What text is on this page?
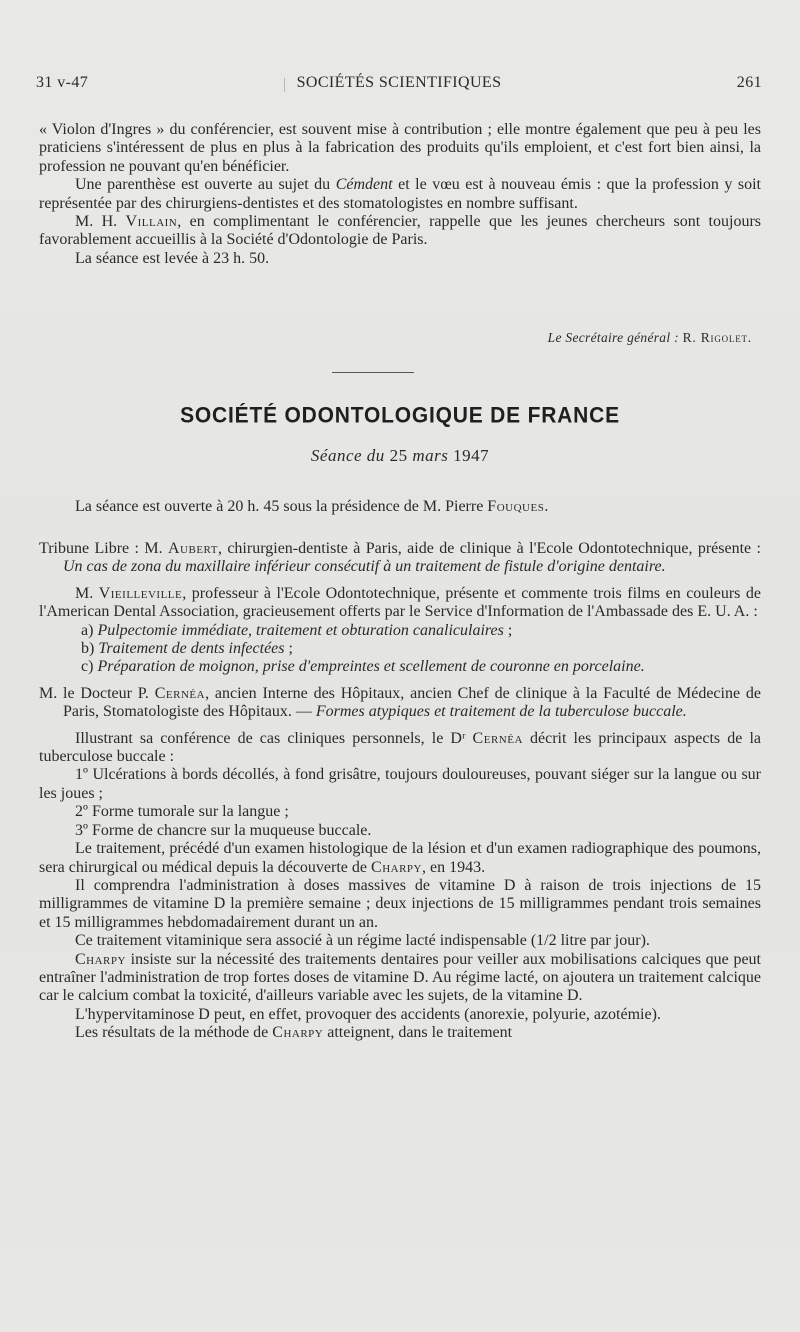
31 v-47	SOCIÉTÉS SCIENTIFIQUES	261

« Violon d'Ingres » du conférencier, est souvent mise à contribution ; elle montre également que peu à peu les praticiens s'intéressent de plus en plus à la fabrication des produits qu'ils emploient, et c'est fort bien ainsi, la profession ne pouvant qu'en bénéficier.

Une parenthèse est ouverte au sujet du Cémdent et le vœu est à nouveau émis : que la profession y soit représentée par des chirurgiens-dentistes et des stomatologistes en nombre suffisant.

M. H. Villain, en complimentant le conférencier, rappelle que les jeunes chercheurs sont toujours favorablement accueillis à la Société d'Odontologie de Paris.

La séance est levée à 23 h. 50.

Le Secrétaire général : R. Rigolet.
SOCIÉTÉ ODONTOLOGIQUE DE FRANCE
Séance du 25 mars 1947

La séance est ouverte à 20 h. 45 sous la présidence de M. Pierre Fouques.

Tribune Libre : M. Aubert, chirurgien-dentiste à Paris, aide de clinique à l'Ecole Odontotechnique, présente : Un cas de zona du maxillaire inférieur consécutif à un traitement de fistule d'origine dentaire.

M. Vieilleville, professeur à l'Ecole Odontotechnique, présente et commente trois films en couleurs de l'American Dental Association, gracieusement offerts par le Service d'Information de l'Ambassade des E. U. A. :

a) Pulpectomie immédiate, traitement et obturation canaliculaires ;

b) Traitement de dents infectées ;

c) Préparation de moignon, prise d'empreintes et scellement de couronne en porcelaine.

M. le Docteur P. Cernéa, ancien Interne des Hôpitaux, ancien Chef de clinique à la Faculté de Médecine de Paris, Stomatologiste des Hôpitaux. — Formes atypiques et traitement de la tuberculose buccale.

Illustrant sa conférence de cas cliniques personnels, le Dʳ Cernéa décrit les principaux aspects de la tuberculose buccale :

1º Ulcérations à bords décollés, à fond grisâtre, toujours douloureuses, pouvant siéger sur la langue ou sur les joues ;

2º Forme tumorale sur la langue ;

3º Forme de chancre sur la muqueuse buccale.

Le traitement, précédé d'un examen histologique de la lésion et d'un examen radiographique des poumons, sera chirurgical ou médical depuis la découverte de Charpy, en 1943.

Il comprendra l'administration à doses massives de vitamine D à raison de trois injections de 15 milligrammes de vitamine D la première semaine ; deux injections de 15 milligrammes pendant trois semaines et 15 milligrammes hebdomadairement durant un an.

Ce traitement vitaminique sera associé à un régime lacté indispensable (1/2 litre par jour).

Charpy insiste sur la nécessité des traitements dentaires pour veiller aux mobilisations calciques que peut entraîner l'administration de trop fortes doses de vitamine D. Au régime lacté, on ajoutera un traitement calcique car le calcium combat la toxicité, d'ailleurs variable avec les sujets, de la vitamine D.

L'hypervitaminose D peut, en effet, provoquer des accidents (anorexie, polyurie, azotémie).

Les résultats de la méthode de Charpy atteignent, dans le traitement
